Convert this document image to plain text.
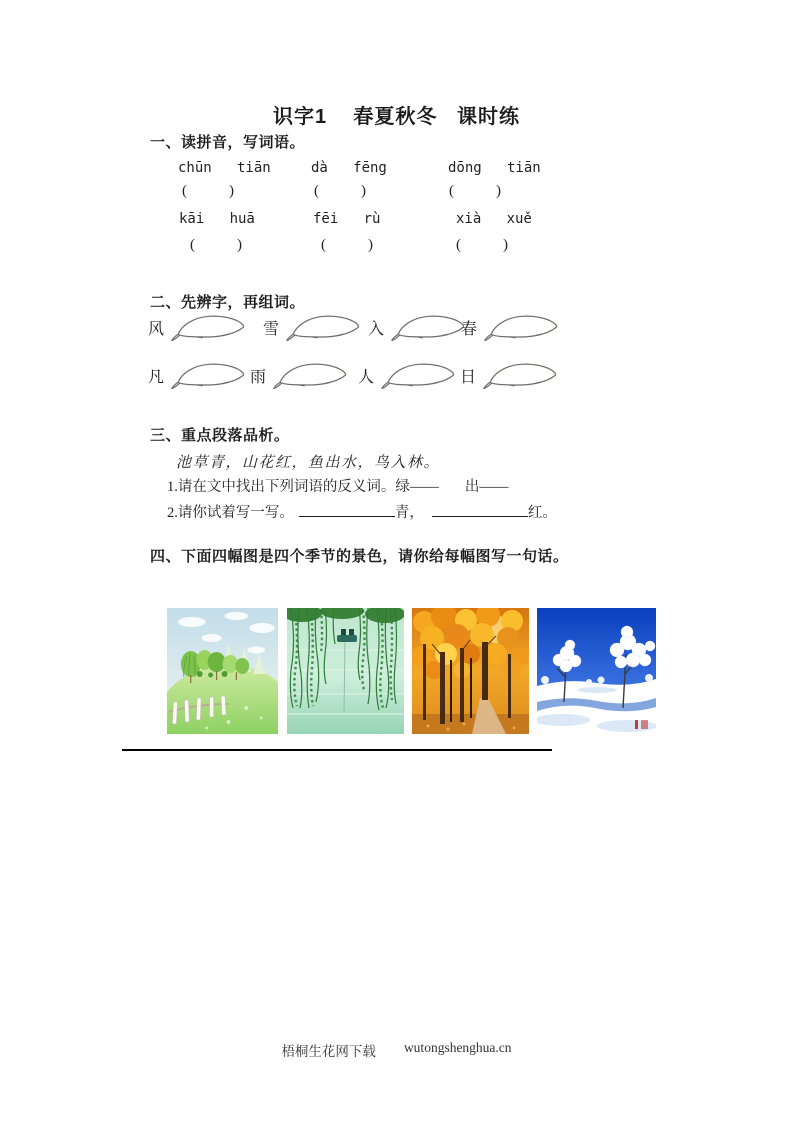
识字1    春夏秋冬   课时练
一、读拼音，写词语。
chūn   tiān	dà   fēng	dōng   tiān
(	)	(	)	(	)
kāi   huā	fēi   rù	xià   xuě
(	)	(	)	(	)
二、先辨字，再组词。
风	雪	入	春
凡	雨	人	日
三、重点段落品析。
池草青，山花红，鱼出水，鸟入林。
1.请在文中找出下列词语的反义词。绿—— 出——
2.请你试着写一写。	青，	红。
四、下面四幅图是四个季节的景色，请你给每幅图写一句话。
梧桐生花网下载 wutongshenghua.cn
